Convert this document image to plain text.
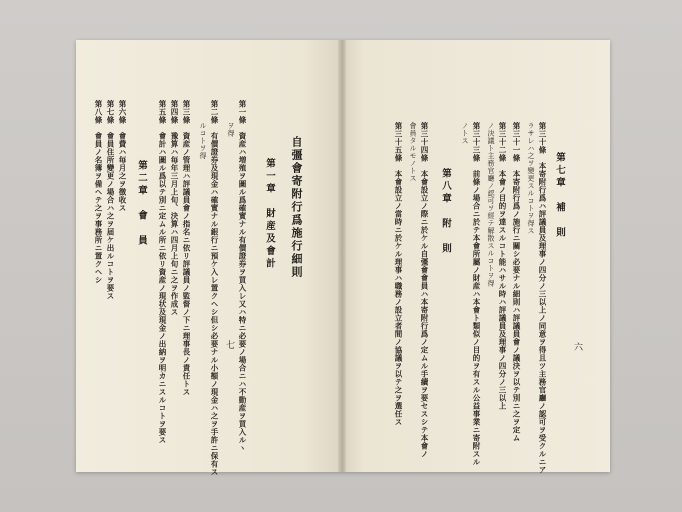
自彊會寄附行爲施行細則
第一章　財産及會計
第一條　資産ハ増殖ヲ圖ル爲確實ナル有價證券ヲ買入レ又ハ特ニ必要ノ場合ニハ不動産ヲ買入ルヽ
ヲ得
第二條　有價證券及現金ハ確實ナル銀行ニ預ケ入レ置クヘシ但シ必要ナル小額ノ現金ハ之ヲ手許ニ保有ス
ルコトヲ得
第三條　資産ノ管理ハ評議員會ノ指名ニ依リ評議員ノ監督ノ下ニ理事長ノ責任トス
第四條　豫算ハ毎年三月上旬、決算ハ四月上旬ニ之ヲ作成ス
第五條　會計ハ圖ル爲以テ別ニ定ムル所ニ依リ資産ノ現状及現金ノ出納ヲ明カニスルコトヲ要ス
第二章　會　員
第六條　會費ハ毎月之ヲ徴收ス
第七條　會員住所變更ノ場合ハ之ヲ届ケ出ルコトヲ要ス
第八條　會員ノ名簿ヲ備ヘテ之ヲ事務所ニ置クヘシ
七
第七章　補　則
第三十條　本寄附行爲ハ評議員及理事ノ四分ノ三以上ノ同意ヲ得且ツ主務官廳ノ認可ヲ受クルニア
ラサレハ之ヲ變更スルコトヲ得ス
第三十一條　本寄附行爲ノ施行ニ關シ必要ナル細則ハ評議員會ノ議決ヲ以テ別ニ之ヲ定ム
第三十二條　本會ノ目的ヲ達スルコト能ハサル時ハ評議員及理事ノ四分ノ三以上
ノ決議ト主務官廳ノ認可ヲ經テ解散スルコトヲ得
第三十三條　前條ノ場合ニ於テ本會所屬ノ財産ハ本會ト類似ノ目的ヲ有スル公益事業ニ寄附スル
ノトス
第八章　附　則
第三十四條　本會設立ノ際ニ於ケル自彊會會員ハ本寄附行爲ノ定ムル手續ヲ要セスシテ本會ノ
會員タルモノトス
第三十五條　本會設立ノ當時ニ於ケル理事ハ職務ノ設立者間ノ協議ヲ以テ之ヲ選任ス	六
